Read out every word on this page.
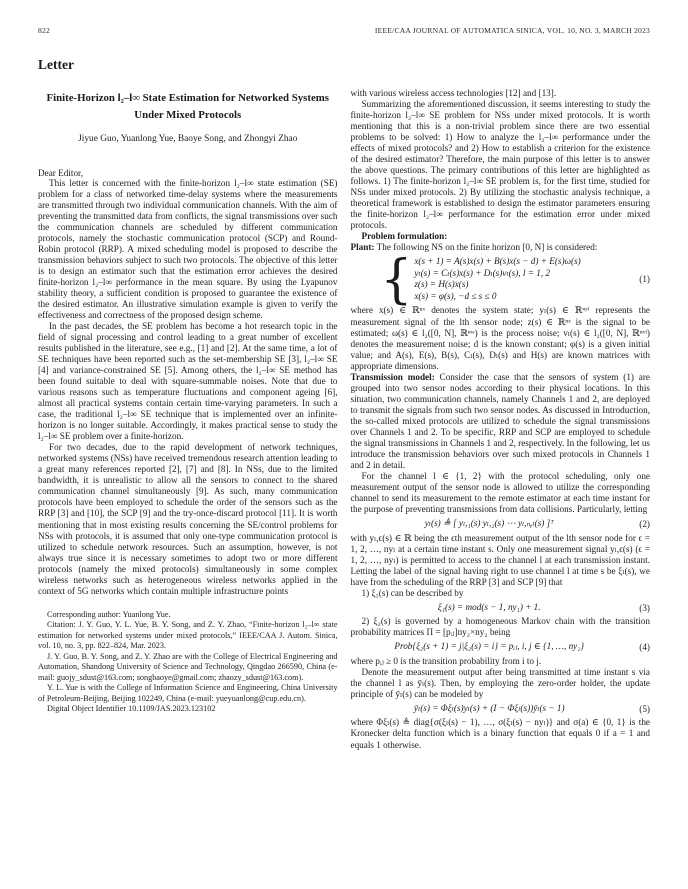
822	IEEE/CAA JOURNAL OF AUTOMATICA SINICA, VOL. 10, NO. 3, MARCH 2023
Letter
Finite-Horizon l₂–l∞ State Estimation for Networked Systems Under Mixed Protocols
Jiyue Guo, Yuanlong Yue, Baoye Song, and Zhongyi Zhao

Dear Editor,

This letter is concerned with the finite-horizon l₂–l∞ state estimation (SE) problem for a class of networked time-delay systems where the measurements are transmitted through two individual communication channels. With the aim of preventing the transmitted data from conflicts, the signal transmissions over such the communication channels are scheduled by different communication protocols, namely the stochastic communication protocol (SCP) and Round-Robin protocol (RRP). A mixed scheduling model is proposed to describe the transmission behaviors subject to such two protocols. The objective of this letter is to design an estimator such that the estimation error achieves the desired finite-horizon l₂–l∞ performance in the mean square. By using the Lyapunov stability theory, a sufficient condition is proposed to guarantee the existence of the desired estimator. An illustrative simulation example is given to verify the effectiveness and correctness of the proposed design scheme.

In the past decades, the SE problem has become a hot research topic in the field of signal processing and control leading to a great number of excellent results published in the literature, see e.g., [1] and [2]. At the same time, a lot of SE techniques have been reported such as the set-membership SE [3], l₂–l∞ SE [4] and variance-constrained SE [5]. Among others, the l₂–l∞ SE method has been found suitable to deal with square-summable noises. Note that due to various reasons such as temperature fluctuations and component ageing [6], almost all practical systems contain certain time-varying parameters. In such a case, the traditional l₂–l∞ SE technique that is implemented over an infinite-horizon is no longer suitable. Accordingly, it makes practical sense to study the l₂–l∞ SE problem over a finite-horizon.

For two decades, due to the rapid development of network techniques, networked systems (NSs) have received tremendous research attention leading to a great many references reported [2], [7] and [8]. In NSs, due to the limited bandwidth, it is unrealistic to allow all the sensors to connect to the shared communication channel simultaneously [9]. As such, many communication protocols have been employed to schedule the order of the sensors such as the RRP [3] and [10], the SCP [9] and the try-once-discard protocol [11]. It is worth mentioning that in most existing results concerning the SE/control problems for NSs with protocols, it is assumed that only one-type communication protocol is utilized to schedule network resources. Such an assumption, however, is not always true since it is necessary sometimes to adopt two or more different protocols (namely the mixed protocols) simultaneously in some complex wireless networks such as heterogeneous wireless networks applied in the context of 5G networks which contain multiple infrastructure points

Corresponding author: Yuanlong Yue.

Citation: J. Y. Guo, Y. L. Yue, B. Y. Song, and Z. Y. Zhao, “Finite-horizon l₂–l∞ state estimation for networked systems under mixed protocols,” IEEE/CAA J. Autom. Sinica, vol. 10, no. 3, pp. 822–824, Mar. 2023.

J. Y. Guo, B. Y. Song, and Z. Y. Zhao are with the College of Electrical Engineering and Automation, Shandong University of Science and Technology, Qingdao 266590, China (e-mail: guojy_sdust@163.com; songbaoye@gmail.com; zhaozy_sdust@163.com).

Y. L. Yue is with the College of Information Science and Engineering, China University of Petroleum-Beijing, Beijing 102249, China (e-mail: yueyuanlong@cup.edu.cn).

Digital Object Identifier 10.1109/JAS.2023.123102

with various wireless access technologies [12] and [13].

Summarizing the aforementioned discussion, it seems interesting to study the finite-horizon l₂–l∞ SE problem for NSs under mixed protocols. It is worth mentioning that this is a non-trivial problem since there are two essential problems to be solved: 1) How to analyze the l₂–l∞ performance under the effects of mixed protocols? and 2) How to establish a criterion for the existence of the desired estimator? Therefore, the main purpose of this letter is to answer the above questions. The primary contributions of this letter are highlighted as follows. 1) The finite-horizon l₂–l∞ SE problem is, for the first time, studied for NSs under mixed protocols. 2) By utilizing the stochastic analysis technique, a theoretical framework is established to design the estimator parameters ensuring the finite-horizon l₂–l∞ performance for the estimation error under mixed protocols.

Problem formulation:

Plant: The following NS on the finite horizon [0, N] is considered:

{ x(s + 1) = A(s)x(s) + B(s)x(s − d) + E(s)ω(s)
yₗ(s) = Cₗ(s)x(s) + Dₗ(s)vₗ(s), l = 1, 2
z(s) = H(s)x(s)
x(s) = φ(s), −d ≤ s ≤ 0
(1)

where x(s) ∈ ℝⁿˣ denotes the system state; yₗ(s) ∈ ℝⁿʸˡ represents the measurement signal of the lth sensor node; z(s) ∈ ℝⁿᶻ is the signal to be estimated; ω(s) ∈ l₂([0, N], ℝⁿʷ) is the process noise; vₗ(s) ∈ l₂([0, N], ℝⁿᵛˡ) denotes the measurement noise; d is the known constant; φ(s) is a given initial value; and A(s), E(s), B(s), Cₗ(s), Dₗ(s) and H(s) are known matrices with appropriate dimensions.

Transmission model: Consider the case that the sensors of system (1) are grouped into two sensor nodes according to their physical locations. In this situation, two communication channels, namely Channels 1 and 2, are deployed to transmit the signals from such two sensor nodes. As discussed in Introduction, the so-called mixed protocols are utilized to schedule the signal transmissions over Channels 1 and 2. To be specific, RRP and SCP are employed to schedule the signal transmissions in Channels 1 and 2, respectively. In the following, let us introduce the transmission behaviors over such mixed protocols in Channels 1 and 2 in detail.

For the channel l ∈ {1, 2} with the protocol scheduling, only one measurement output of the sensor node is allowed to utilize the corresponding channel to send its measurement to the remote estimator at each time instant for the purpose of preventing transmissions from data collisions. Particularly, letting

yₗ(s) ≜ [ yₗ,₁(s) yₗ,₂(s) ⋯ yₗ,ₙᵧₗ(s) ]ᵀ	(2)

with yₗ,ϵ(s) ∈ ℝ being the ϵth measurement output of the lth sensor node for ϵ = 1, 2, …, nyₗ at a certain time instant s. Only one measurement signal yₗ,ϵ(s) (ϵ = 1, 2, …, nyₗ) is permitted to access to the channel l at each transmission instant. Letting the label of the signal having right to use channel l at time s be ξₗ(s), we have from the scheduling of the RRP [3] and SCP [9] that

1) ξ₁(s) can be described by

ξ₁(s) = mod(s − 1, ny₁) + 1.	(3)

2) ξ₂(s) is governed by a homogeneous Markov chain with the transition probability matrices Π = [pᵢⱼ]ny₂×ny₂ being

Prob{ξ₂(s + 1) = j|ξ₂(s) = i} = pᵢⱼ, i, j ∈ {1, …, ny₂}	(4)

where pᵢⱼ ≥ 0 is the transition probability from i to j.

Denote the measurement output after being transmitted at time instant s via the channel l as ȳₗ(s). Then, by employing the zero-order holder, the update principle of ȳₗ(s) can be modeled by

ȳₗ(s) = Φξₗ(s)yₗ(s) + (I − Φξₗ(s))ȳₗ(s − 1)	(5)

where Φξₗ(s) ≜ diag{σ(ξₗ(s) − 1), …, σ(ξₗ(s) − nyₗ)} and σ(a) ∈ {0, 1} is the Kronecker delta function which is a binary function that equals 0 if a = 1 and equals 1 otherwise.
